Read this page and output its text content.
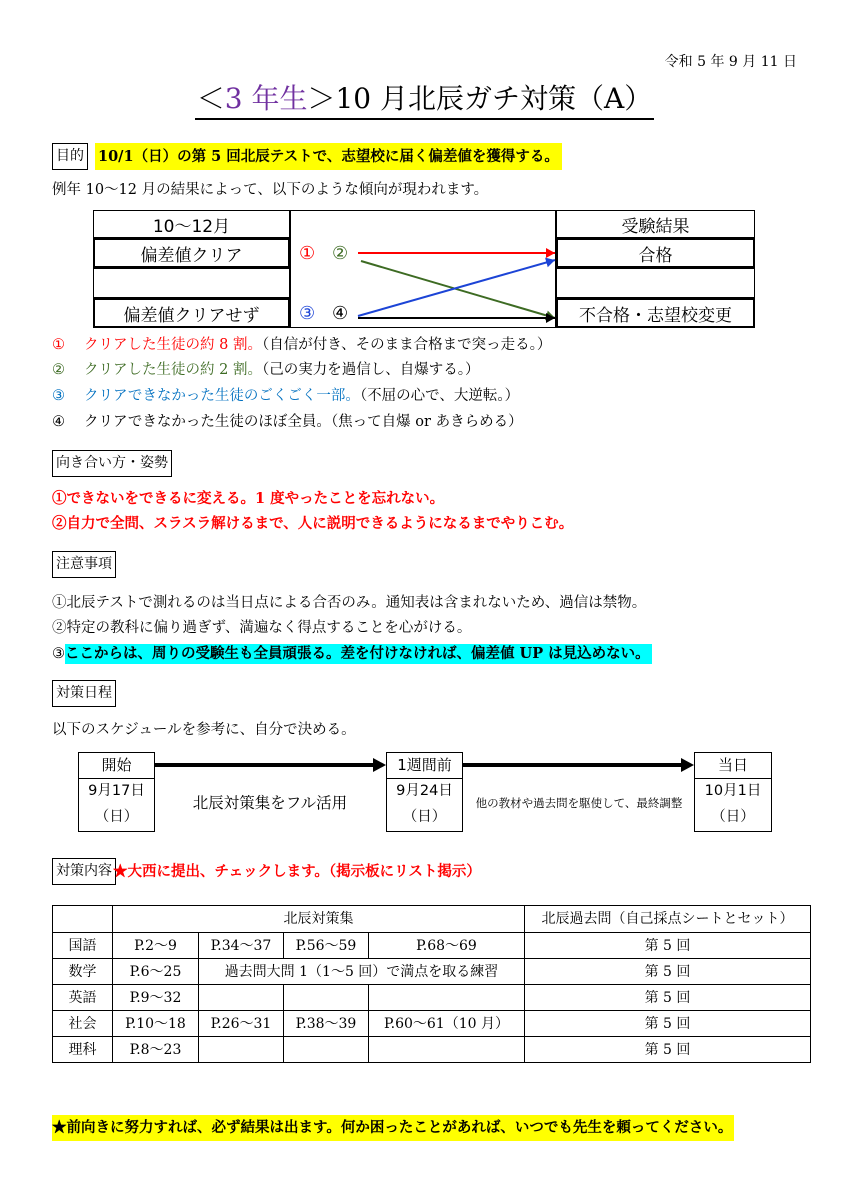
令和 5 年 9 月 11 日
＜3 年生＞10 月北辰ガチ対策（A）
目的 10/1（日）の第 5 回北辰テストで、志望校に届く偏差値を獲得する。
例年 10〜12 月の結果によって、以下のような傾向が現われます。
10〜12月
偏差値クリア
偏差値クリアせず
受験結果
合格
不合格・志望校変更
① ②
③ ④
① クリアした生徒の約 8 割。（自信が付き、そのまま合格まで突っ走る。）
② クリアした生徒の約 2 割。（己の実力を過信し、自爆する。）
③ クリアできなかった生徒のごくごく一部。（不屈の心で、大逆転。）
④ クリアできなかった生徒のほぼ全員。（焦って自爆 or あきらめる）
向き合い方・姿勢
①できないをできるに変える。1 度やったことを忘れない。
②自力で全問、スラスラ解けるまで、人に説明できるようになるまでやりこむ。
注意事項
①北辰テストで測れるのは当日点による合否のみ。通知表は含まれないため、過信は禁物。
②特定の教科に偏り過ぎず、満遍なく得点することを心がける。
③ここからは、周りの受験生も全員頑張る。差を付けなければ、偏差値 UP は見込めない。
対策日程
以下のスケジュールを参考に、自分で決める。
開始
9月17日
（日）
1週間前
9月24日
（日）
当日
10月1日
（日）
北辰対策集をフル活用	他の教材や過去問を駆使して、最終調整
対策内容 ★大西に提出、チェックします。（掲示板にリスト掲示）
	北辰対策集				北辰過去問（自己採点シートとセット）
国語	P.2〜9	P.34〜37	P.56〜59	P.68〜69	第 5 回
数学	P.6〜25	過去問大問 1（1〜5 回）で満点を取る練習			第 5 回
英語	P.9〜32				第 5 回
社会	P.10〜18	P.26〜31	P.38〜39	P.60〜61（10 月）	第 5 回
理科	P.8〜23				第 5 回
★前向きに努力すれば、必ず結果は出ます。何か困ったことがあれば、いつでも先生を頼ってください。
